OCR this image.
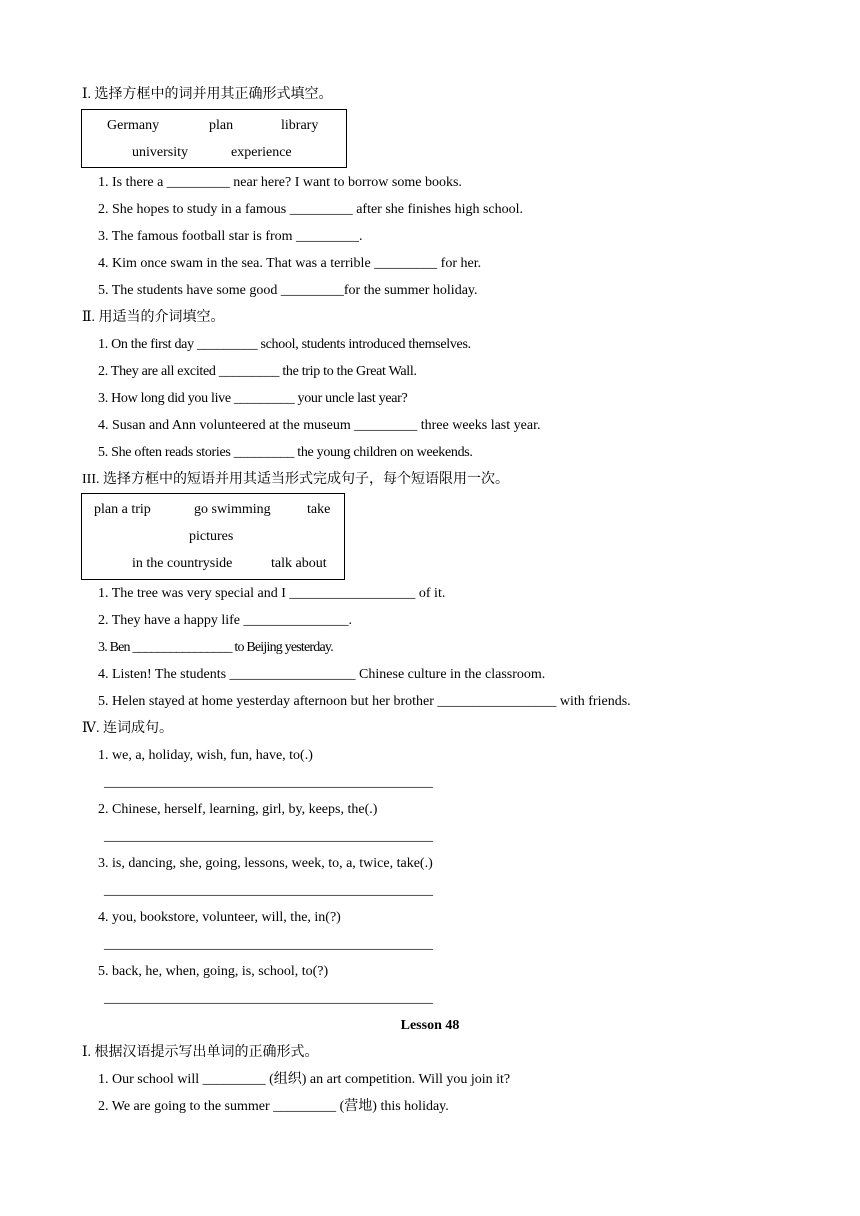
Ⅰ. 选择方框中的词并用其正确形式填空。
Germany	plan	library
university	experience
1. Is there a _________ near here? I want to borrow some books.
2. She hopes to study in a famous _________ after she finishes high school.
3. The famous football star is from _________.
4. Kim once swam in the sea. That was a terrible _________ for her.
5. The students have some good _________for the summer holiday.
Ⅱ. 用适当的介词填空。
1. On the first day _________ school, students introduced themselves.
2. They are all excited _________ the trip to the Great Wall.
3. How long did you live _________ your uncle last year?
4. Susan and Ann volunteered at the museum _________ three weeks last year.
5. She often reads stories _________ the young children on weekends.
III. 选择方框中的短语并用其适当形式完成句子，每个短语限用一次。
plan a trip	go swimming	take
pictures
in the countryside	talk about
1. The tree was very special and I __________________ of it.
2. They have a happy life _______________.
3. Ben ________________ to Beijing yesterday.
4. Listen! The students __________________ Chinese culture in the classroom.
5. Helen stayed at home yesterday afternoon but her brother _________________ with friends.
Ⅳ. 连词成句。
1. we, a, holiday, wish, fun, have, to(.)
_______________________________________________
2. Chinese, herself, learning, girl, by, keeps, the(.)
_______________________________________________
3. is, dancing, she, going, lessons, week, to, a, twice, take(.)
_______________________________________________
4. you, bookstore, volunteer, will, the, in(?)
_______________________________________________
5. back, he, when, going, is, school, to(?)
_______________________________________________
Lesson 48
Ⅰ. 根据汉语提示写出单词的正确形式。
1. Our school will _________ (组织) an art competition. Will you join it?
2. We are going to the summer _________ (营地) this holiday.
